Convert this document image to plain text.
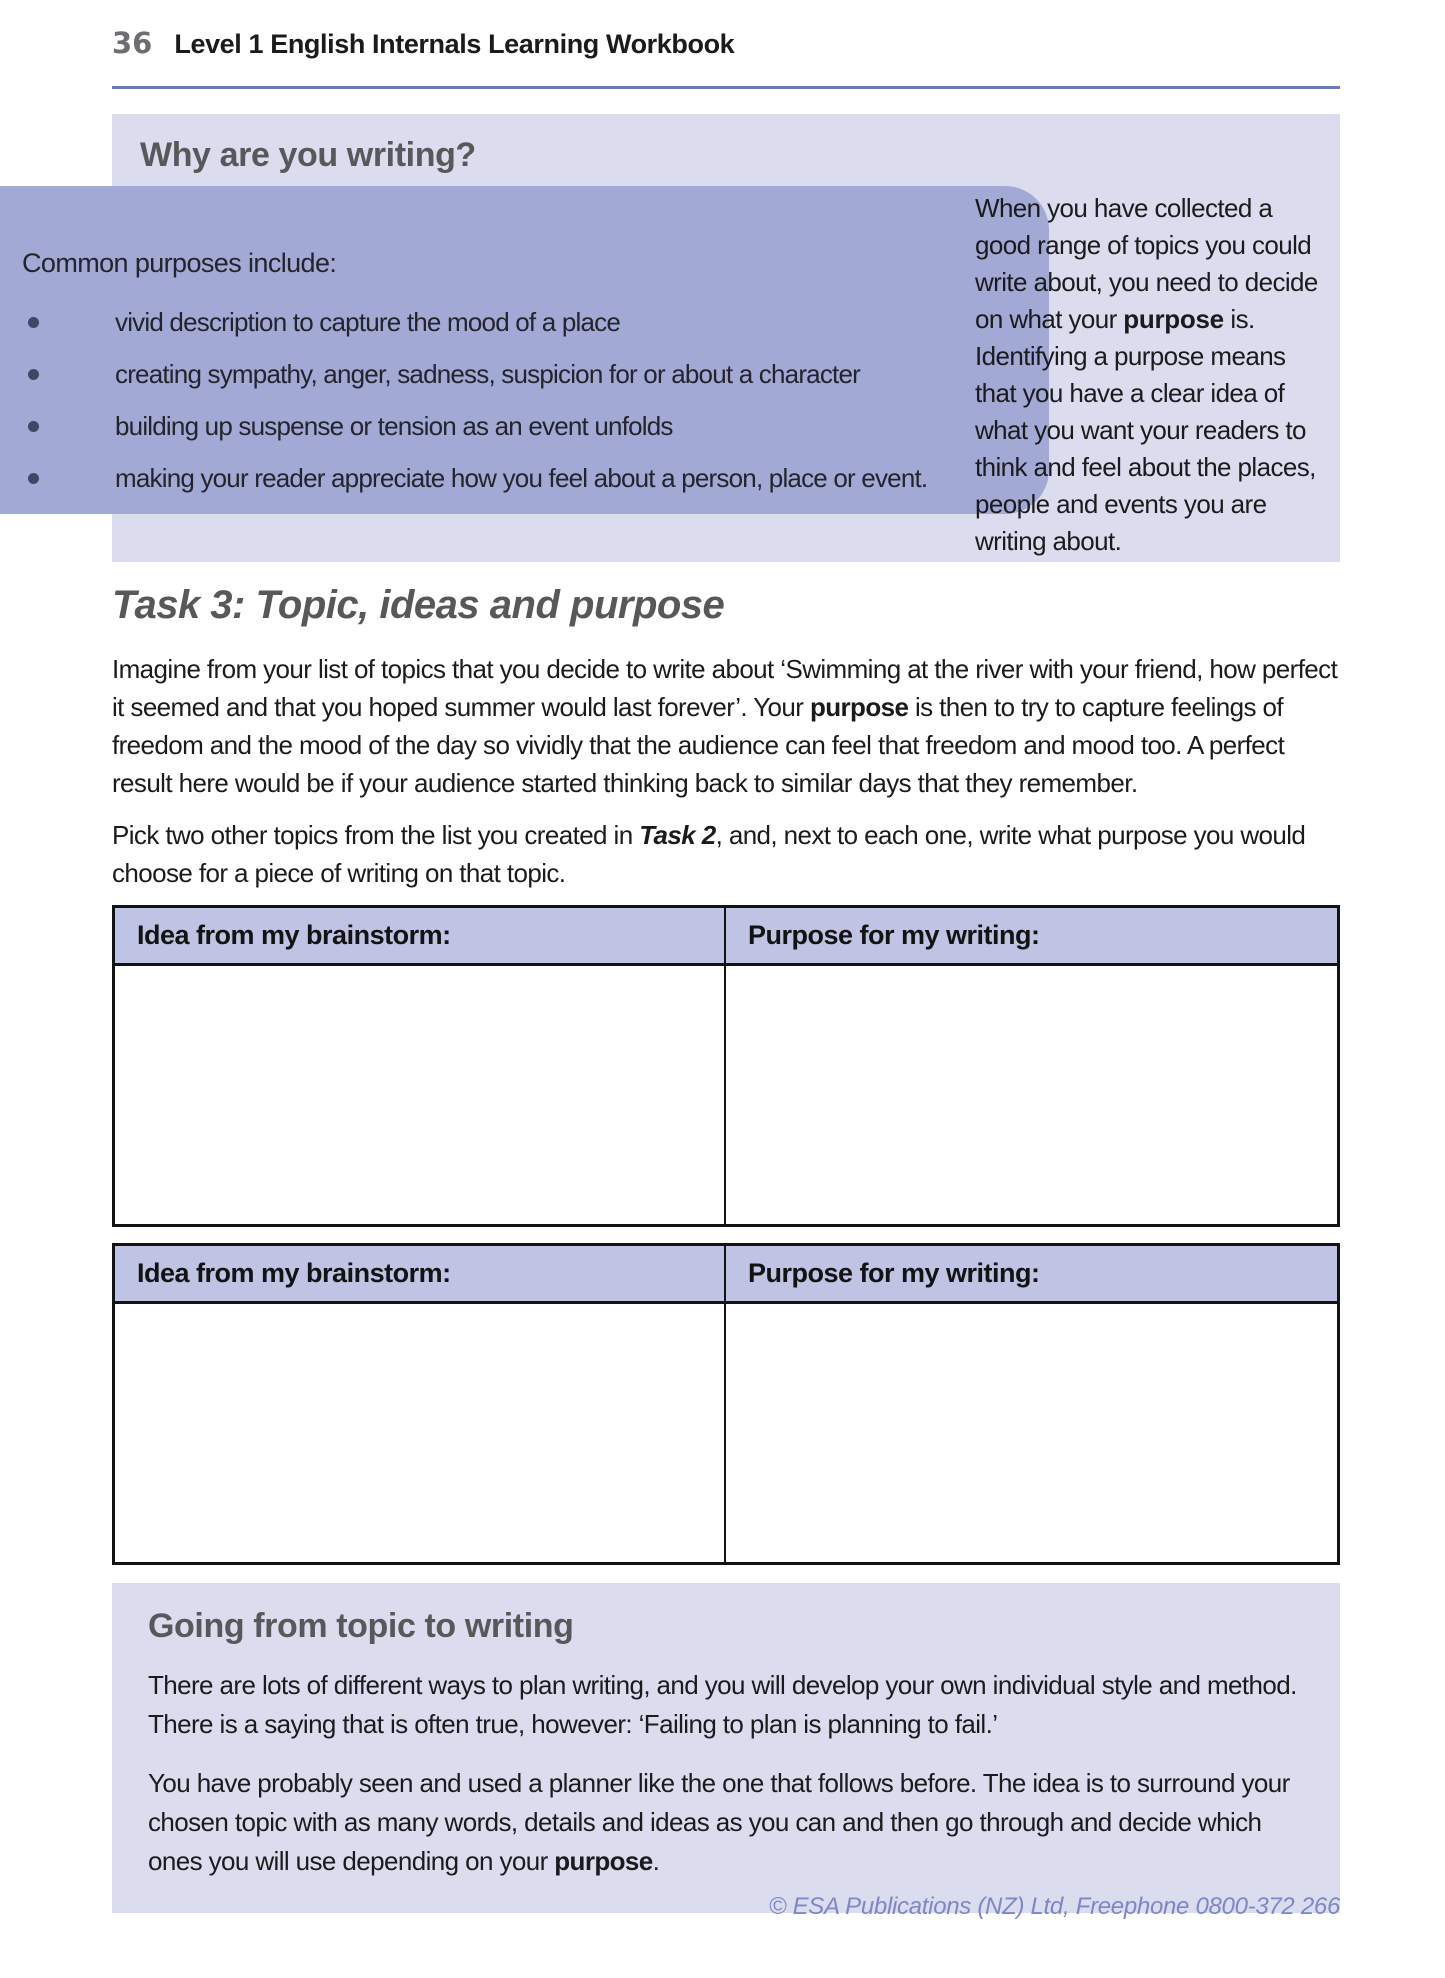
36 Level 1 English Internals Learning Workbook
Why are you writing?

Common purposes include:

vivid description to capture the mood of a place
creating sympathy, anger, sadness, suspicion for or about a character
building up suspense or tension as an event unfolds
making your reader appreciate how you feel about a person, place or event.
When you have collected a good range of topics you could write about, you need to decide on what your purpose is. Identifying a purpose means that you have a clear idea of what you want your readers to think and feel about the places, people and events you are writing about.
Task 3: Topic, ideas and purpose

Imagine from your list of topics that you decide to write about ‘Swimming at the river with your friend, how perfect it seemed and that you hoped summer would last forever’. Your purpose is then to try to capture feelings of freedom and the mood of the day so vividly that the audience can feel that freedom and mood too. A perfect result here would be if your audience started thinking back to similar days that they remember.

Pick two other topics from the list you created in Task 2, and, next to each one, write what purpose you would choose for a piece of writing on that topic.

Idea from my brainstorm:	Purpose for my writing:
Idea from my brainstorm:	Purpose for my writing:
Going from topic to writing

There are lots of different ways to plan writing, and you will develop your own individual style and method. There is a saying that is often true, however: ‘Failing to plan is planning to fail.’

You have probably seen and used a planner like the one that follows before. The idea is to surround your chosen topic with as many words, details and ideas as you can and then go through and decide which ones you will use depending on your purpose.

© ESA Publications (NZ) Ltd, Freephone 0800-372 266
